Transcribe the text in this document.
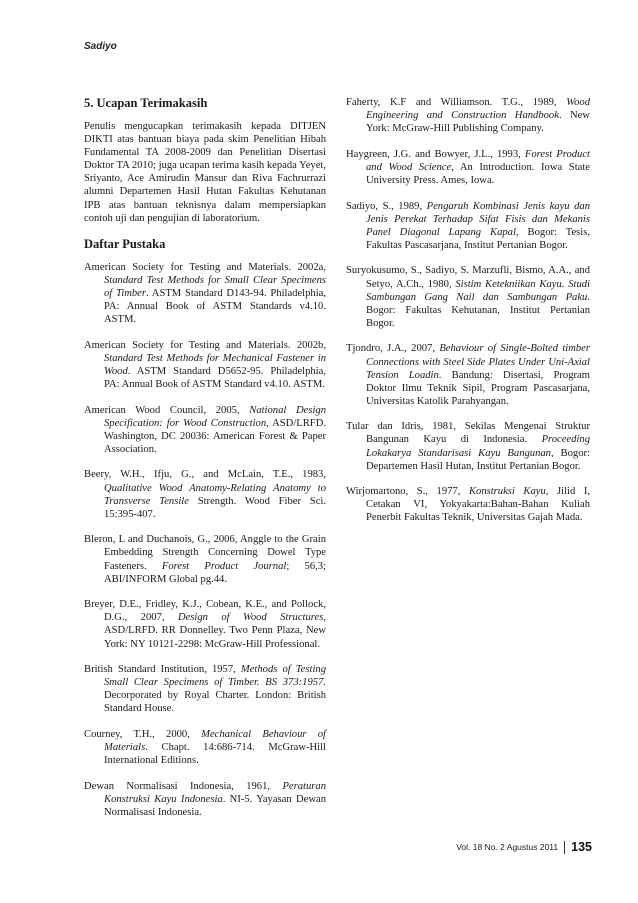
Sadiyo
5. Ucapan Terimakasih

Penulis mengucapkan terimakasih kepada DITJEN DIKTI atas bantuan biaya pada skim Penelitian Hibah Fundamental TA 2008-2009 dan Penelitian Disertasi Doktor TA 2010; juga ucapan terima kasih kepada Yeyet, Sriyanto, Ace Amirudin Mansur dan Riva Fachrurrazi alumni Departemen Hasil Hutan Fakultas Kehutanan IPB atas bantuan teknisnya dalam mempersiapkan contoh uji dan pengujian di laboratorium.

Daftar Pustaka
American Society for Testing and Materials. 2002a, Standard Test Methods for Small Clear Specimens of Timber. ASTM Standard D143-94. Philadelphia, PA: Annual Book of ASTM Standards v4.10. ASTM.
American Society for Testing and Materials. 2002b, Standard Test Methods for Mechanical Fastener in Wood. ASTM Standard D5652-95. Philadelphia, PA: Annual Book of ASTM Standard v4.10. ASTM.
American Wood Council, 2005, National Design Specification: for Wood Construction, ASD/LRFD. Washington, DC 20036: American Forest & Paper Association.
Beery, W.H., Ifju, G., and McLain, T.E., 1983, Qualitative Wood Anatomy-Relating Anatomy to Transverse Tensile Strength. Wood Fiber Sci. 15:395-407.
Bleron, L and Duchanois, G., 2006, Anggle to the Grain Embedding Strength Concerning Dowel Type Fasteners. Forest Product Journal; 56,3; ABI/INFORM Global pg.44.
Breyer, D.E., Fridley, K.J., Cobean, K.E., and Pollock, D.G., 2007, Design of Wood Structures, ASD/LRFD. RR Donnelley. Two Penn Plaza, New York: NY 10121-2298: McGraw-Hill Professional.
British Standard Institution, 1957, Methods of Testing Small Clear Specimens of Timber. BS 373:1957. Decorporated by Royal Charter. London: British Standard House.
Courney, T.H., 2000, Mechanical Behaviour of Materials. Chapt. 14:686-714. McGraw-Hill International Editions.
Dewan Normalisasi Indonesia, 1961, Peraturan Konstruksi Kayu Indonesia. NI-5. Yayasan Dewan Normalisasi Indonesia.
Faherty, K.F and Williamson. T.G., 1989, Wood Engineering and Construction Handbook. New York: McGraw-Hill Publishing Company.
Haygreen, J.G. and Bowyer, J.L., 1993, Forest Product and Wood Science, An Introduction. Iowa State University Press. Ames, Iowa.
Sadiyo, S., 1989, Pengaruh Kombinasi Jenis kayu dan Jenis Perekat Terhadap Sifat Fisis dan Mekanis Panel Diagonal Lapang Kapal, Bogor: Tesis, Fakultas Pascasarjana, Institut Pertanian Bogor.
Suryokusumo, S., Sadiyo, S. Marzufli, Bismo, A.A., and Setyo, A.Ch., 1980, Sistim Ketekniikan Kayu. Studi Sambungan Gang Nail dan Sambungan Paku. Bogor: Fakultas Kehutanan, Institut Pertanian Bogor.
Tjondro, J.A., 2007, Behaviour of Single-Bolted timber Connections with Steel Side Plates Under Uni-Axial Tension Loadin. Bandung: Disertasi, Program Doktor Ilmu Teknik Sipil, Program Pascasarjana, Universitas Katolik Parahyangan.
Tular dan Idris, 1981, Sekilas Mengenai Struktur Bangunan Kayu di Indonesia. Proceeding Lokakarya Standarisasi Kayu Bangunan, Bogor: Departemen Hasil Hutan, Institut Pertanian Bogor.
Wirjomartono, S., 1977, Konstruksi Kayu, Jilid I, Cetakan VI, Yokyakarta:Bahan-Bahan Kuliah Penerbit Fakultas Teknik, Universitas Gajah Mada.
Vol. 18 No. 2 Agustus 2011 135
